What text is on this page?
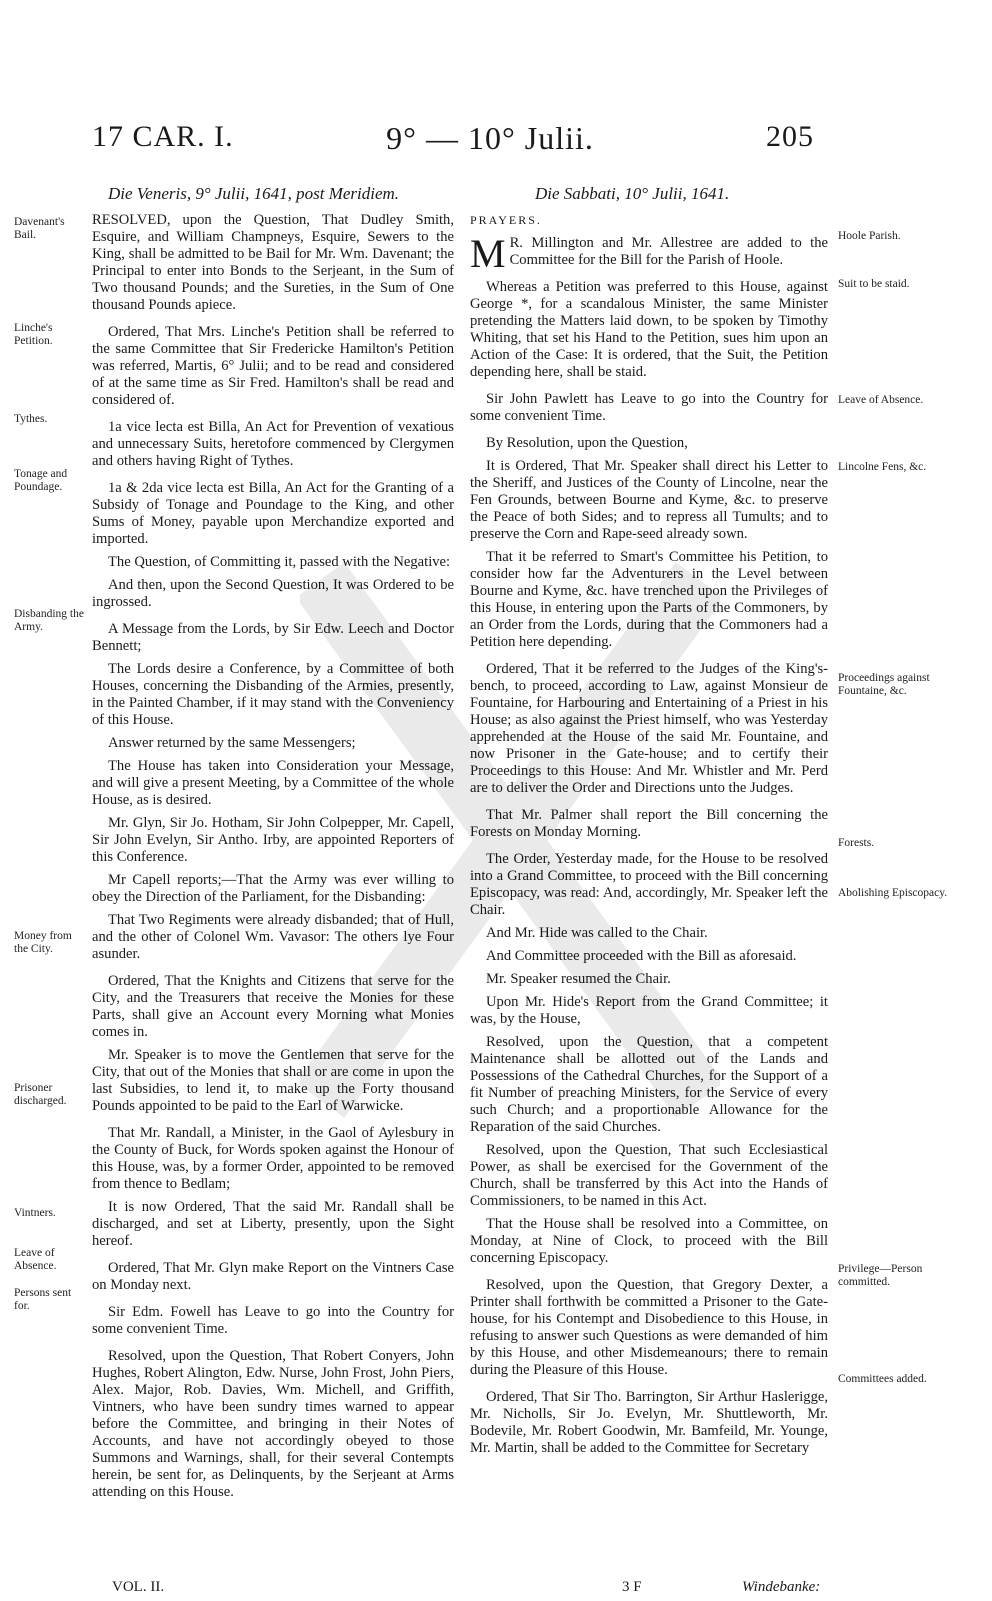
17 CAR. I.	9° — 10° Julii.	205
Die Veneris, 9° Julii, 1641, post Meridiem.	Die Sabbati, 10° Julii, 1641.
Davenant's Bail.
Linche's Petition.
Tythes.
Tonage and Poundage.
Disbanding the Army.
Money from the City.
Prisoner discharged.
Vintners.
Leave of Absence.
Persons sent for.
Hoole Parish.
Suit to be staid.
Leave of Absence.
Lincolne Fens, &c.
Proceedings against Fountaine, &c.
Forests.
Abolishing Episcopacy.
Privilege—Person committed.
Committees added.

RESOLVED, upon the Question, That Dudley Smith, Esquire, and William Champneys, Esquire, Sewers to the King, shall be admitted to be Bail for Mr. Wm. Davenant; the Principal to enter into Bonds to the Serjeant, in the Sum of Two thousand Pounds; and the Sureties, in the Sum of One thousand Pounds apiece.

Ordered, That Mrs. Linche's Petition shall be referred to the same Committee that Sir Fredericke Hamilton's Petition was referred, Martis, 6° Julii; and to be read and considered of at the same time as Sir Fred. Hamilton's shall be read and considered of.

1a vice lecta est Billa, An Act for Prevention of vexatious and unnecessary Suits, heretofore commenced by Clergymen and others having Right of Tythes.

1a & 2da vice lecta est Billa, An Act for the Granting of a Subsidy of Tonage and Poundage to the King, and other Sums of Money, payable upon Merchandize exported and imported.

The Question, of Committing it, passed with the Negative:

And then, upon the Second Question, It was Ordered to be ingrossed.

A Message from the Lords, by Sir Edw. Leech and Doctor Bennett;

The Lords desire a Conference, by a Committee of both Houses, concerning the Disbanding of the Armies, presently, in the Painted Chamber, if it may stand with the Conveniency of this House.

Answer returned by the same Messengers;

The House has taken into Consideration your Message, and will give a present Meeting, by a Committee of the whole House, as is desired.

Mr. Glyn, Sir Jo. Hotham, Sir John Colpepper, Mr. Capell, Sir John Evelyn, Sir Antho. Irby, are appointed Reporters of this Conference.

Mr Capell reports;—That the Army was ever willing to obey the Direction of the Parliament, for the Disbanding:

That Two Regiments were already disbanded; that of Hull, and the other of Colonel Wm. Vavasor: The others lye Four asunder.

Ordered, That the Knights and Citizens that serve for the City, and the Treasurers that receive the Monies for these Parts, shall give an Account every Morning what Monies comes in.

Mr. Speaker is to move the Gentlemen that serve for the City, that out of the Monies that shall or are come in upon the last Subsidies, to lend it, to make up the Forty thousand Pounds appointed to be paid to the Earl of Warwicke.

That Mr. Randall, a Minister, in the Gaol of Aylesbury in the County of Buck, for Words spoken against the Honour of this House, was, by a former Order, appointed to be removed from thence to Bedlam;

It is now Ordered, That the said Mr. Randall shall be discharged, and set at Liberty, presently, upon the Sight hereof.

Ordered, That Mr. Glyn make Report on the Vintners Case on Monday next.

Sir Edm. Fowell has Leave to go into the Country for some convenient Time.

Resolved, upon the Question, That Robert Conyers, John Hughes, Robert Alington, Edw. Nurse, John Frost, John Piers, Alex. Major, Rob. Davies, Wm. Michell, and Griffith, Vintners, who have been sundry times warned to appear before the Committee, and bringing in their Notes of Accounts, and have not accordingly obeyed to those Summons and Warnings, shall, for their several Contempts herein, be sent for, as Delinquents, by the Serjeant at Arms attending on this House.

PRAYERS.

M R. Millington and Mr. Allestree are added to the Committee for the Bill for the Parish of Hoole.

Whereas a Petition was preferred to this House, against George *, for a scandalous Minister, the same Minister pretending the Matters laid down, to be spoken by Timothy Whiting, that set his Hand to the Petition, sues him upon an Action of the Case: It is ordered, that the Suit, the Petition depending here, shall be staid.

Sir John Pawlett has Leave to go into the Country for some convenient Time.

By Resolution, upon the Question,

It is Ordered, That Mr. Speaker shall direct his Letter to the Sheriff, and Justices of the County of Lincolne, near the Fen Grounds, between Bourne and Kyme, &c. to preserve the Peace of both Sides; and to repress all Tumults; and to preserve the Corn and Rape-seed already sown.

That it be referred to Smart's Committee his Petition, to consider how far the Adventurers in the Level between Bourne and Kyme, &c. have trenched upon the Privileges of this House, in entering upon the Parts of the Commoners, by an Order from the Lords, during that the Commoners had a Petition here depending.

Ordered, That it be referred to the Judges of the King's-bench, to proceed, according to Law, against Monsieur de Fountaine, for Harbouring and Entertaining of a Priest in his House; as also against the Priest himself, who was Yesterday apprehended at the House of the said Mr. Fountaine, and now Prisoner in the Gate-house; and to certify their Proceedings to this House: And Mr. Whistler and Mr. Perd are to deliver the Order and Directions unto the Judges.

That Mr. Palmer shall report the Bill concerning the Forests on Monday Morning.

The Order, Yesterday made, for the House to be resolved into a Grand Committee, to proceed with the Bill concerning Episcopacy, was read: And, accordingly, Mr. Speaker left the Chair.

And Mr. Hide was called to the Chair.

And Committee proceeded with the Bill as aforesaid.

Mr. Speaker resumed the Chair.

Upon Mr. Hide's Report from the Grand Committee; it was, by the House,

Resolved, upon the Question, that a competent Maintenance shall be allotted out of the Lands and Possessions of the Cathedral Churches, for the Support of a fit Number of preaching Ministers, for the Service of every such Church; and a proportionable Allowance for the Reparation of the said Churches.

Resolved, upon the Question, That such Ecclesiastical Power, as shall be exercised for the Government of the Church, shall be transferred by this Act into the Hands of Commissioners, to be named in this Act.

That the House shall be resolved into a Committee, on Monday, at Nine of Clock, to proceed with the Bill concerning Episcopacy.

Resolved, upon the Question, that Gregory Dexter, a Printer shall forthwith be committed a Prisoner to the Gate-house, for his Contempt and Disobedience to this House, in refusing to answer such Questions as were demanded of him by this House, and other Misdemeanours; there to remain during the Pleasure of this House.

Ordered, That Sir Tho. Barrington, Sir Arthur Haslerigge, Mr. Nicholls, Sir Jo. Evelyn, Mr. Shuttleworth, Mr. Bodevile, Mr. Robert Goodwin, Mr. Bamfeild, Mr. Younge, Mr. Martin, shall be added to the Committee for Secretary

VOL. II.	3 F	Windebanke:
